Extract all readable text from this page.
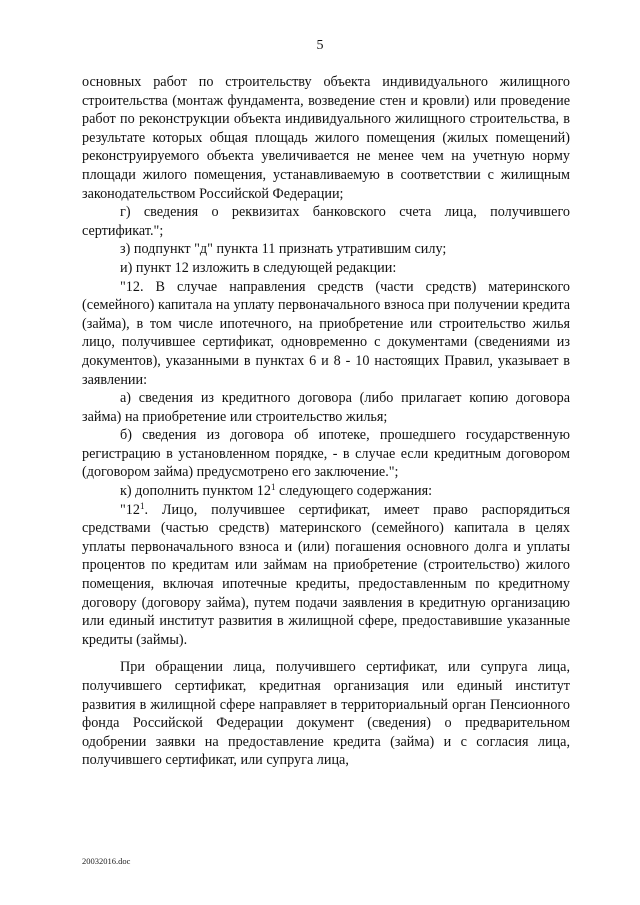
5

основных работ по строительству объекта индивидуального жилищного строительства (монтаж фундамента, возведение стен и кровли) или проведение работ по реконструкции объекта индивидуального жилищного строительства, в результате которых общая площадь жилого помещения (жилых помещений) реконструируемого объекта увеличивается не менее чем на учетную норму площади жилого помещения, устанавливаемую в соответствии с жилищным законодательством Российской Федерации;

г) сведения о реквизитах банковского счета лица, получившего сертификат.";

з) подпункт "д" пункта 11 признать утратившим силу;

и) пункт 12 изложить в следующей редакции:

"12. В случае направления средств (части средств) материнского (семейного) капитала на уплату первоначального взноса при получении кредита (займа), в том числе ипотечного, на приобретение или строительство жилья лицо, получившее сертификат, одновременно с документами (сведениями из документов), указанными в пунктах 6 и 8 - 10 настоящих Правил, указывает в заявлении:

а) сведения из кредитного договора (либо прилагает копию договора займа) на приобретение или строительство жилья;

б) сведения из договора об ипотеке, прошедшего государственную регистрацию в установленном порядке, - в случае если кредитным договором (договором займа) предусмотрено его заключение.";

к) дополнить пунктом $12^1$ следующего содержания:

"$12^1$. Лицо, получившее сертификат, имеет право распорядиться средствами (частью средств) материнского (семейного) капитала в целях уплаты первоначального взноса и (или) погашения основного долга и уплаты процентов по кредитам или займам на приобретение (строительство) жилого помещения, включая ипотечные кредиты, предоставленным по кредитному договору (договору займа), путем подачи заявления в кредитную организацию или единый институт развития в жилищной сфере, предоставившие указанные кредиты (займы).

При обращении лица, получившего сертификат, или супруга лица, получившего сертификат, кредитная организация или единый институт развития в жилищной сфере направляет в территориальный орган Пенсионного фонда Российской Федерации документ (сведения) о предварительном одобрении заявки на предоставление кредита (займа) и с согласия лица, получившего сертификат, или супруга лица,

20032016.doc
